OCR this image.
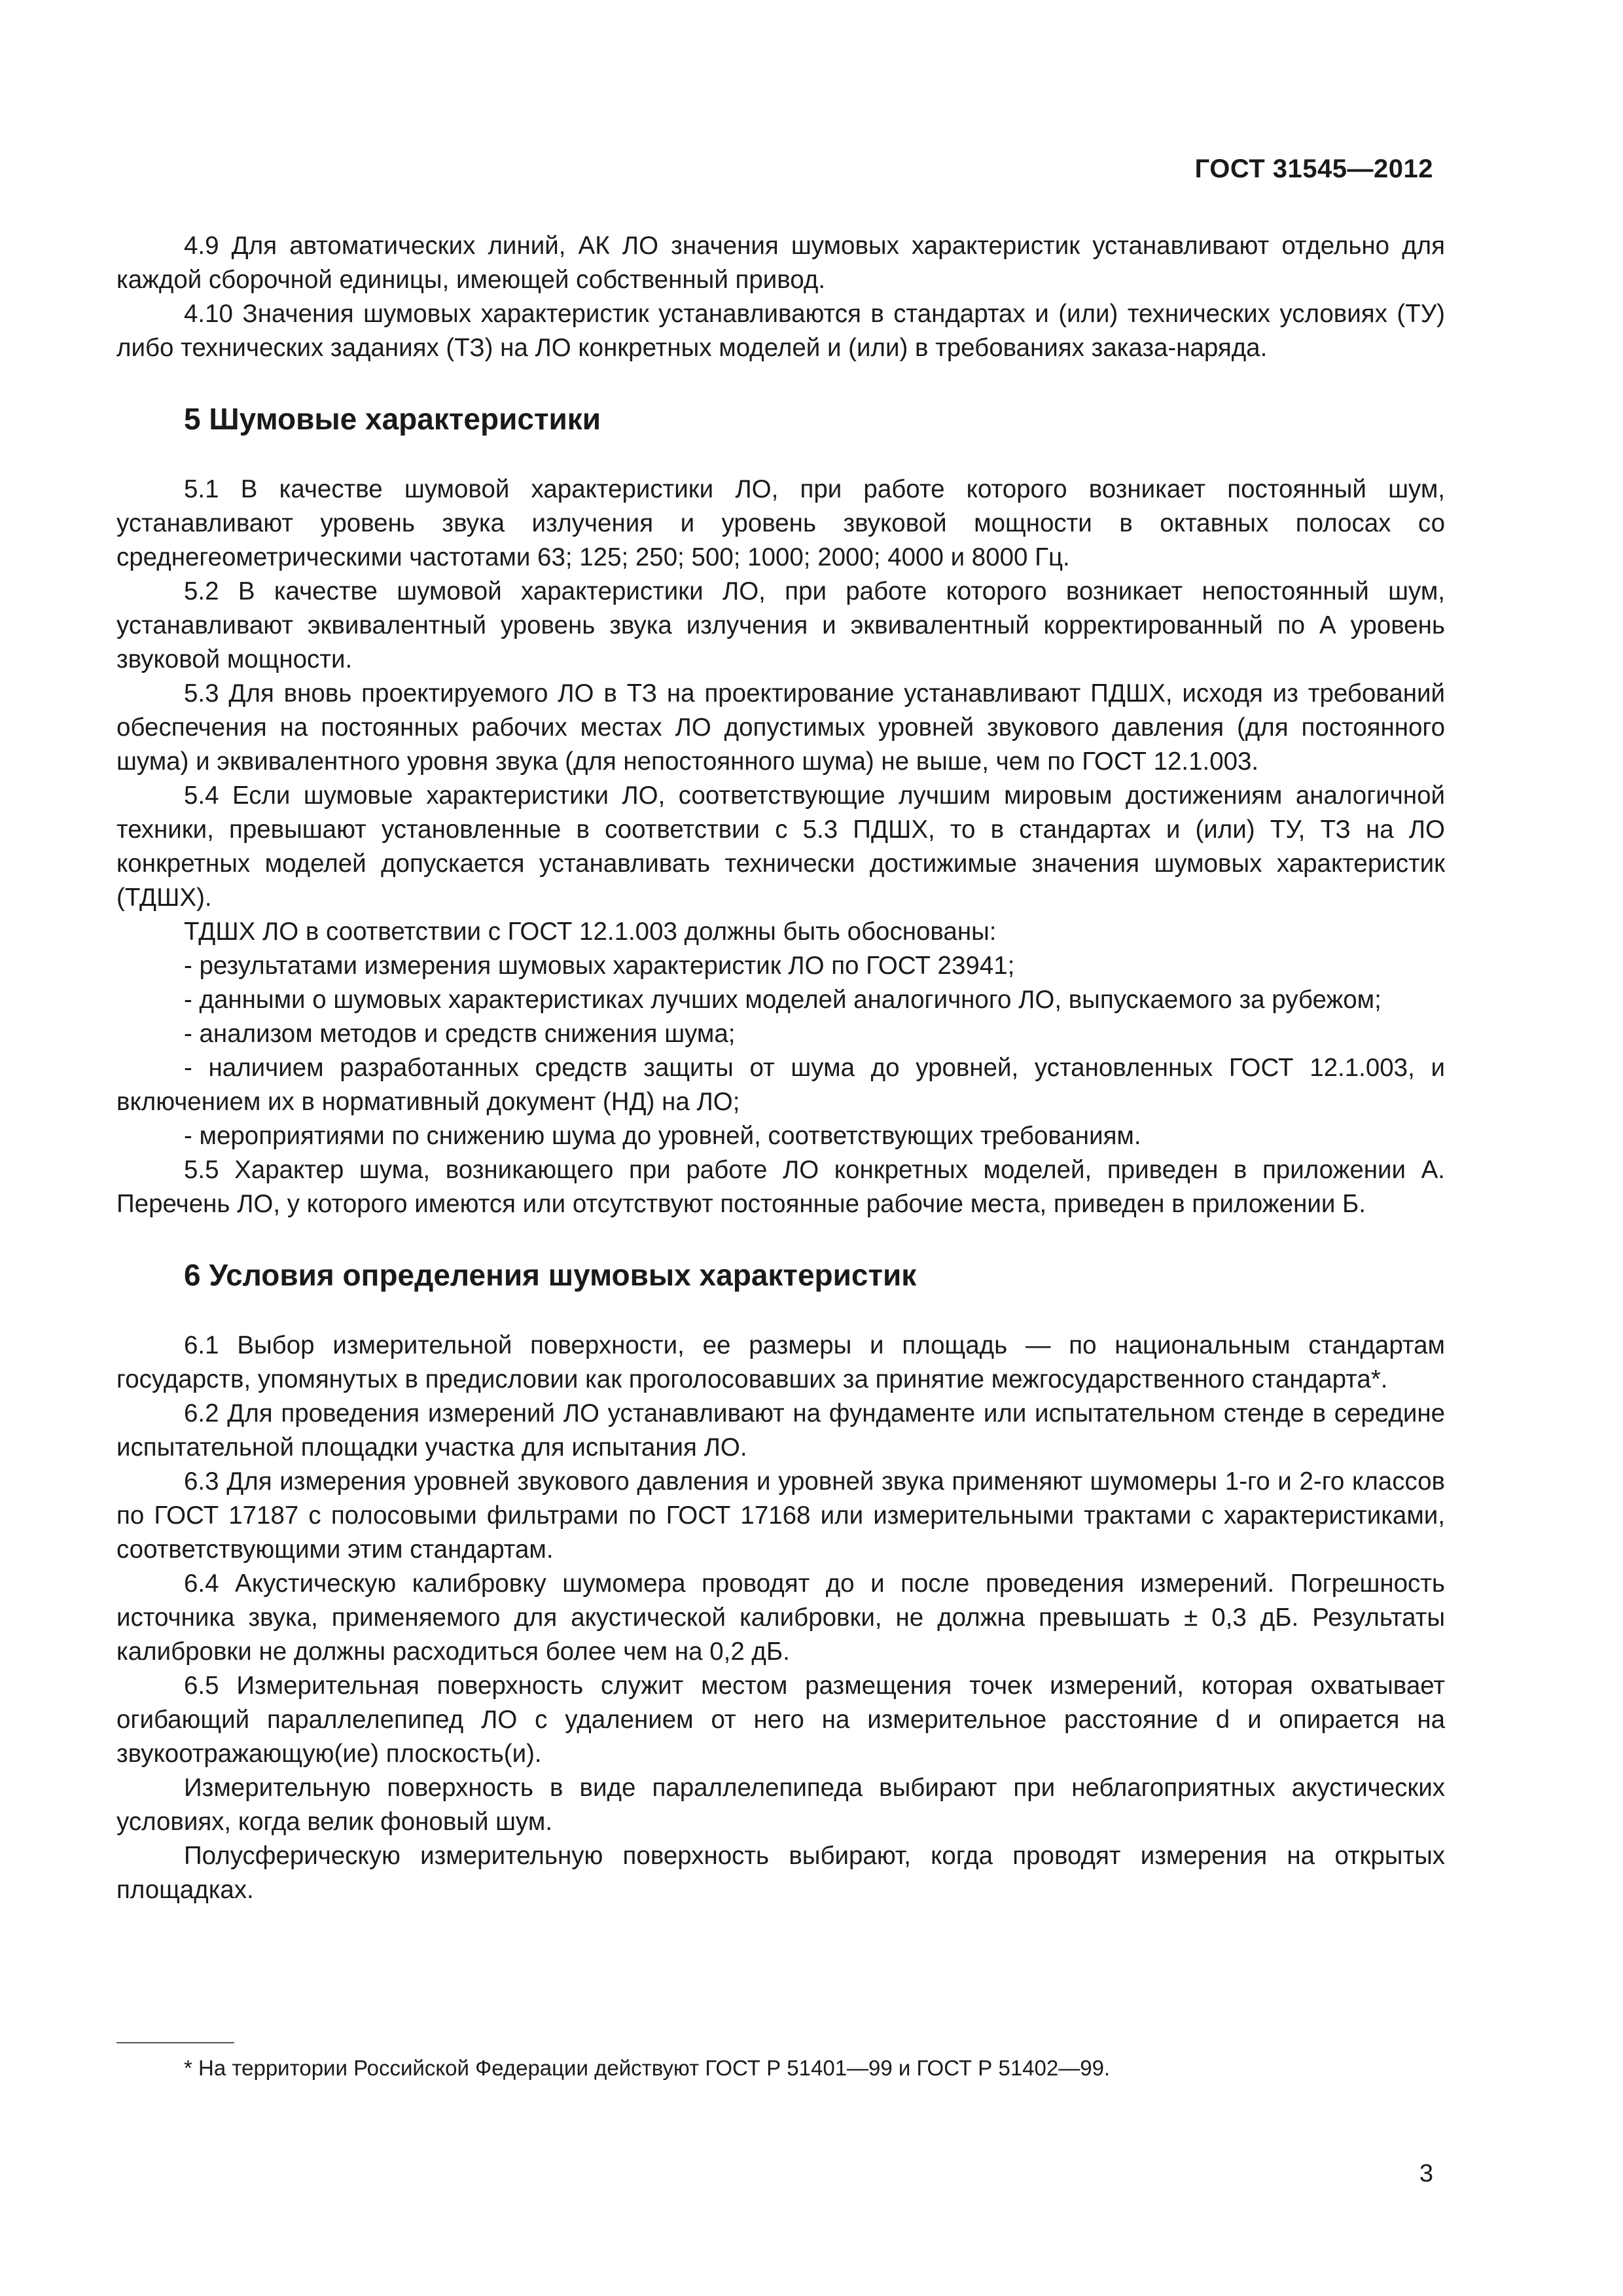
ГОСТ 31545—2012

4.9 Для автоматических линий, АК ЛО значения шумовых характеристик устанавливают отдельно для каждой сборочной единицы, имеющей собственный привод.

4.10 Значения шумовых характеристик устанавливаются в стандартах и (или) технических условиях (ТУ) либо технических заданиях (ТЗ) на ЛО конкретных моделей и (или) в требованиях заказа-наряда.

5 Шумовые характеристики

5.1 В качестве шумовой характеристики ЛО, при работе которого возникает постоянный шум, устанавливают уровень звука излучения и уровень звуковой мощности в октавных полосах со среднегеометрическими частотами 63; 125; 250; 500; 1000; 2000; 4000 и 8000 Гц.

5.2 В качестве шумовой характеристики ЛО, при работе которого возникает непостоянный шум, устанавливают эквивалентный уровень звука излучения и эквивалентный корректированный по А уровень звуковой мощности.

5.3 Для вновь проектируемого ЛО в ТЗ на проектирование устанавливают ПДШХ, исходя из требований обеспечения на постоянных рабочих местах ЛО допустимых уровней звукового давления (для постоянного шума) и эквивалентного уровня звука (для непостоянного шума) не выше, чем по ГОСТ 12.1.003.

5.4 Если шумовые характеристики ЛО, соответствующие лучшим мировым достижениям аналогичной техники, превышают установленные в соответствии с 5.3 ПДШХ, то в стандартах и (или) ТУ, ТЗ на ЛО конкретных моделей допускается устанавливать технически достижимые значения шумовых характеристик (ТДШХ).

ТДШХ ЛО в соответствии с ГОСТ 12.1.003 должны быть обоснованы:

- результатами измерения шумовых характеристик ЛО по ГОСТ 23941;

- данными о шумовых характеристиках лучших моделей аналогичного ЛО, выпускаемого за рубежом;

- анализом методов и средств снижения шума;

- наличием разработанных средств защиты от шума до уровней, установленных ГОСТ 12.1.003, и включением их в нормативный документ (НД) на ЛО;

- мероприятиями по снижению шума до уровней, соответствующих требованиям.

5.5 Характер шума, возникающего при работе ЛО конкретных моделей, приведен в приложении А. Перечень ЛО, у которого имеются или отсутствуют постоянные рабочие места, приведен в приложении Б.

6 Условия определения шумовых характеристик

6.1 Выбор измерительной поверхности, ее размеры и площадь — по национальным стандартам государств, упомянутых в предисловии как проголосовавших за принятие межгосударственного стандарта*.

6.2 Для проведения измерений ЛО устанавливают на фундаменте или испытательном стенде в середине испытательной площадки участка для испытания ЛО.

6.3 Для измерения уровней звукового давления и уровней звука применяют шумомеры 1-го и 2-го классов по ГОСТ 17187 с полосовыми фильтрами по ГОСТ 17168 или измерительными трактами с характеристиками, соответствующими этим стандартам.

6.4 Акустическую калибровку шумомера проводят до и после проведения измерений. Погрешность источника звука, применяемого для акустической калибровки, не должна превышать ± 0,3 дБ. Результаты калибровки не должны расходиться более чем на 0,2 дБ.

6.5 Измерительная поверхность служит местом размещения точек измерений, которая охватывает огибающий параллелепипед ЛО с удалением от него на измерительное расстояние d и опирается на звукоотражающую(ие) плоскость(и).

Измерительную поверхность в виде параллелепипеда выбирают при неблагоприятных акустических условиях, когда велик фоновый шум.

Полусферическую измерительную поверхность выбирают, когда проводят измерения на открытых площадках.

* На территории Российской Федерации действуют ГОСТ Р 51401—99 и ГОСТ Р 51402—99.
3
